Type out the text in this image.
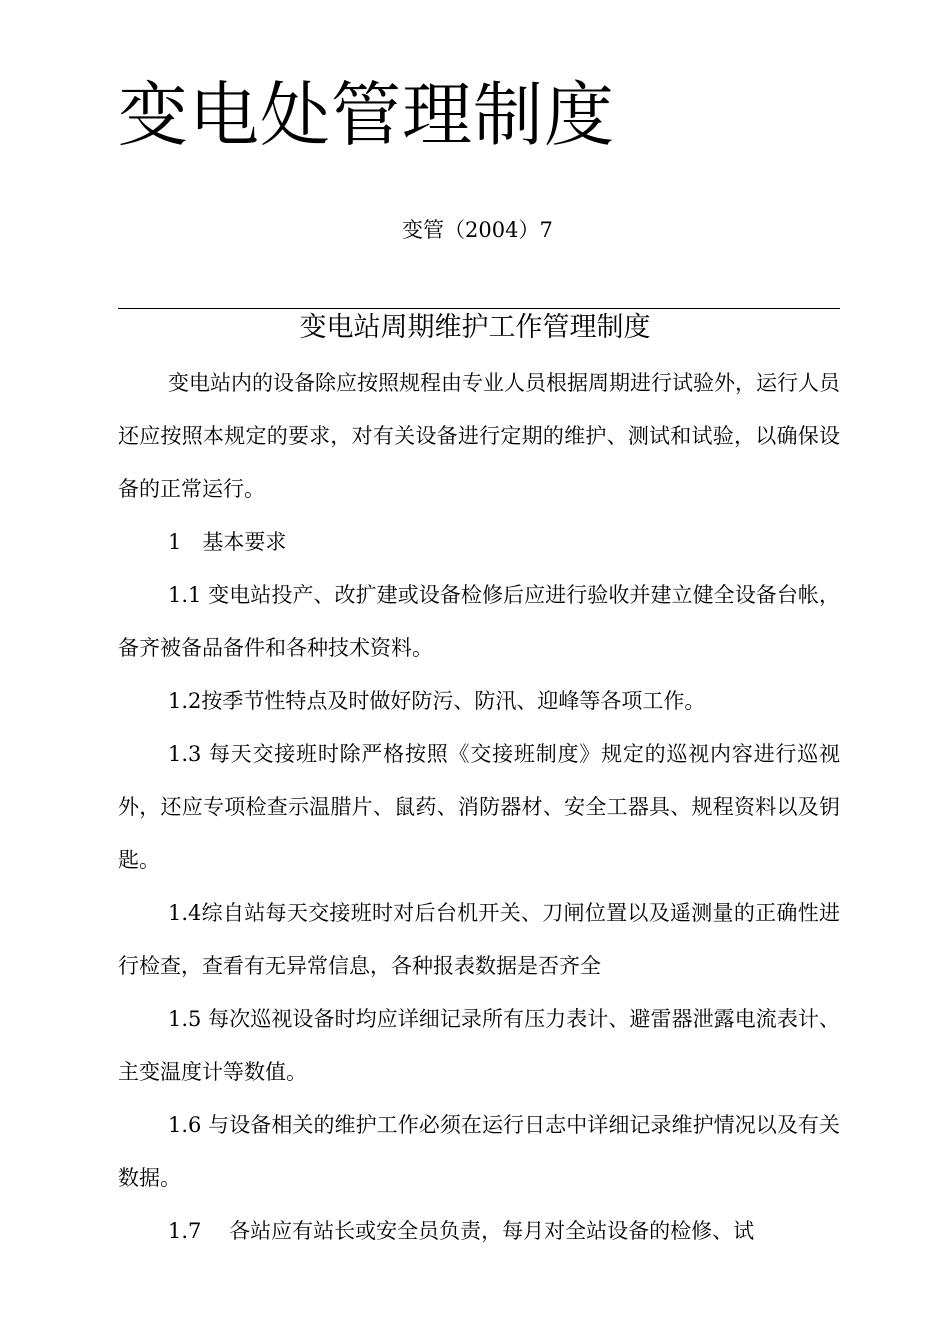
变电处管理制度
变管（2004）7
变电站周期维护工作管理制度

变电站内的设备除应按照规程由专业人员根据周期进行试验外，运行人员还应按照本规定的要求，对有关设备进行定期的维护、测试和试验，以确保设备的正常运行。

1　基本要求

1.1 变电站投产、改扩建或设备检修后应进行验收并建立健全设备台帐，备齐被备品备件和各种技术资料。

1.2按季节性特点及时做好防污、防汛、迎峰等各项工作。

1.3 每天交接班时除严格按照《交接班制度》规定的巡视内容进行巡视外，还应专项检查示温腊片、鼠药、消防器材、安全工器具、规程资料以及钥匙。

1.4综自站每天交接班时对后台机开关、刀闸位置以及遥测量的正确性进行检查，查看有无异常信息，各种报表数据是否齐全

1.5 每次巡视设备时均应详细记录所有压力表计、避雷器泄露电流表计、主变温度计等数值。

1.6 与设备相关的维护工作必须在运行日志中详细记录维护情况以及有关数据。

1.7　 各站应有站长或安全员负责，每月对全站设备的检修、试
